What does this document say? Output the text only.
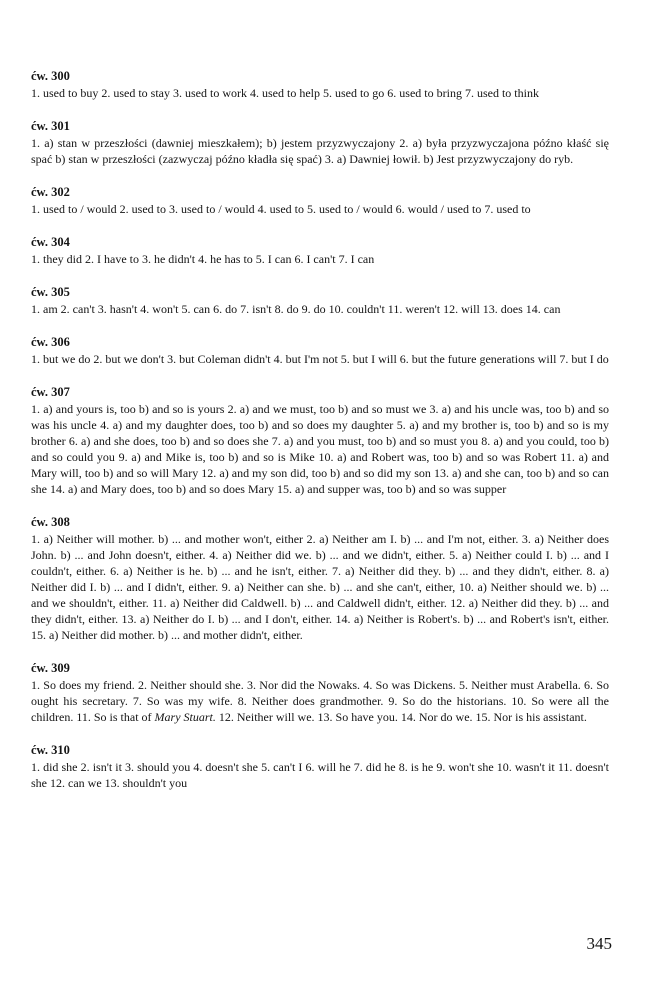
ćw. 300

1. used to buy 2. used to stay 3. used to work 4. used to help 5. used to go 6. used to bring 7. used to think

ćw. 301

1. a) stan w przeszłości (dawniej mieszkałem); b) jestem przyzwyczajony 2. a) była przyzwyczajona późno kłaść się spać b) stan w przeszłości (zazwyczaj późno kładła się spać) 3. a) Dawniej łowił. b) Jest przyzwyczajony do ryb.

ćw. 302

1. used to / would 2. used to 3. used to / would 4. used to 5. used to / would 6. would / used to 7. used to

ćw. 304

1. they did 2. I have to 3. he didn't 4. he has to 5. I can 6. I can't 7. I can

ćw. 305

1. am 2. can't 3. hasn't 4. won't 5. can 6. do 7. isn't 8. do 9. do 10. couldn't 11. weren't 12. will 13. does 14. can

ćw. 306

1. but we do 2. but we don't 3. but Coleman didn't 4. but I'm not 5. but I will 6. but the future generations will 7. but I do

ćw. 307

1. a) and yours is, too b) and so is yours 2. a) and we must, too b) and so must we 3. a) and his uncle was, too b) and so was his uncle 4. a) and my daughter does, too b) and so does my daughter 5. a) and my brother is, too b) and so is my brother 6. a) and she does, too b) and so does she 7. a) and you must, too b) and so must you 8. a) and you could, too b) and so could you 9. a) and Mike is, too b) and so is Mike 10. a) and Robert was, too b) and so was Robert 11. a) and Mary will, too b) and so will Mary 12. a) and my son did, too b) and so did my son 13. a) and she can, too b) and so can she 14. a) and Mary does, too b) and so does Mary 15. a) and supper was, too b) and so was supper

ćw. 308

1. a) Neither will mother. b) ... and mother won't, either 2. a) Neither am I. b) ... and I'm not, either. 3. a) Neither does John. b) ... and John doesn't, either. 4. a) Neither did we. b) ... and we didn't, either. 5. a) Neither could I. b) ... and I couldn't, either. 6. a) Neither is he. b) ... and he isn't, either. 7. a) Neither did they. b) ... and they didn't, either. 8. a) Neither did I. b) ... and I didn't, either. 9. a) Neither can she. b) ... and she can't, either, 10. a) Neither should we. b) ... and we shouldn't, either. 11. a) Neither did Caldwell. b) ... and Caldwell didn't, either. 12. a) Neither did they. b) ... and they didn't, either. 13. a) Neither do I. b) ... and I don't, either. 14. a) Neither is Robert's. b) ... and Robert's isn't, either. 15. a) Neither did mother. b) ... and mother didn't, either.

ćw. 309

1. So does my friend. 2. Neither should she. 3. Nor did the Nowaks. 4. So was Dickens. 5. Neither must Arabella. 6. So ought his secretary. 7. So was my wife. 8. Neither does grandmother. 9. So do the historians. 10. So were all the children. 11. So is that of Mary Stuart. 12. Neither will we. 13. So have you. 14. Nor do we. 15. Nor is his assistant.

ćw. 310

1. did she 2. isn't it 3. should you 4. doesn't she 5. can't I 6. will he 7. did he 8. is he 9. won't she 10. wasn't it 11. doesn't she 12. can we 13. shouldn't you

345
